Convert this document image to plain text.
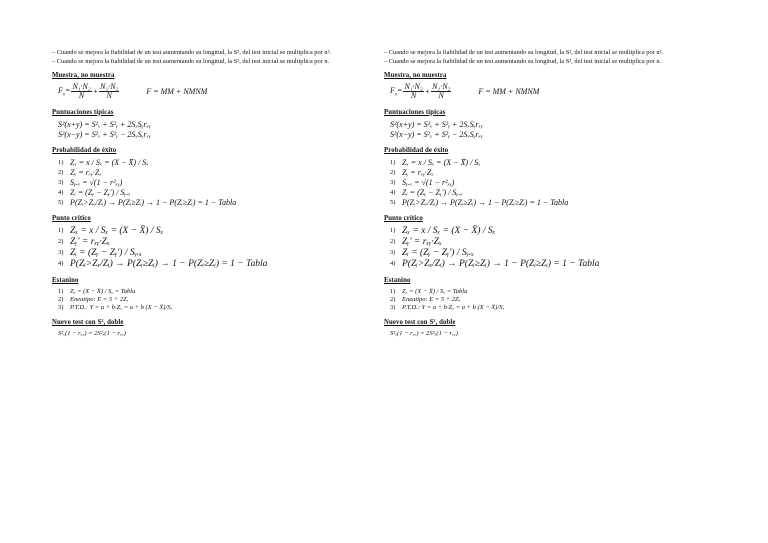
– Cuando se mejora la fiabilidad de un test aumentando su longitud, la S², del test inicial se multiplica por n².
– Cuando se mejora la fiabilidad de un test aumentando su longitud, la S², del test inicial se multiplica por n.
Muestra, no muestra
$F_x= \frac{\text{N₁·N₂}}{N} + \frac{\text{N₁·N₂}}{N}$	F = MM + NMNM
Puntuaciones típicas
S²(x+y) = S²ₓ + S²ᵧ + 2SₓSᵧrₓᵧ
S²(x−y) = S²ₓ + S²ᵧ − 2SₓSᵧrₓᵧ
Probabilidad de éxito
1) Zₓ = x / Sₓ = (X − X̄) / Sₓ
2) Zᵧ = rₓᵧ·Zₓ
3) Sᵧ.ₓ = √(1 − r²ₓᵧ)
4) Zᵢ = (Zᵧ − Zᵧ′) / Sᵧ.ₓ
5) P(Zᵢ>Zₓ/Zᵢ) → P(Zᵢ≥Zᵢ) → 1 − P(Zᵢ≥Zᵢ) = 1 − Tabla
Punto crítico
1) Zₓ = x / Sₓ = (X − X̄) / Sₓ
2) Zᵧ′ = rₓᵧ·Zₓ
3) Zᵢ = (Zᵧ − Zᵧ′) / Sᵧ.ₓ
4) P(Zᵢ>Zₓ/Zᵢ) → P(Zᵢ≥Zᵢ) → 1 − P(Zᵢ≥Zᵢ) = 1 − Tabla
Estanino
1)	Zₓ = (X − X̄) / Sₓ = Tabla
2)	Eneatipo: E = 5 + 2Zₓ
3)	P.T.D.: Y = a + b·Zₓ = a + b (X − X̄)/Sₓ
Nuevo test con S², doble
S²ₓ(1 − rₓₓ) = 2S²ₓ(1 − rₓₓ)
– Cuando se mejora la fiabilidad de un test aumentando su longitud, la S², del test inicial se multiplica por n².
– Cuando se mejora la fiabilidad de un test aumentando su longitud, la S², del test inicial se multiplica por n.
Muestra, no muestra
$F_x= \frac{\text{N₁·N₂}}{N} + \frac{\text{N₁·N₂}}{N}$	F = MM + NMNM
Puntuaciones típicas
S²(x+y) = S²ₓ + S²ᵧ + 2SₓSᵧrₓᵧ
S²(x−y) = S²ₓ + S²ᵧ − 2SₓSᵧrₓᵧ
Probabilidad de éxito
1) Zₓ = x / Sₓ = (X − X̄) / Sₓ
2) Zᵧ = rₓᵧ·Zₓ
3) Sᵧ.ₓ = √(1 − r²ₓᵧ)
4) Zᵢ = (Zᵧ − Zᵧ′) / Sᵧ.ₓ
5) P(Zᵢ>Zₓ/Zᵢ) → P(Zᵢ≥Zᵢ) → 1 − P(Zᵢ≥Zᵢ) = 1 − Tabla
Punto crítico
1) Zₓ = x / Sₓ = (X − X̄) / Sₓ
2) Zᵧ′ = rₓᵧ·Zₓ
3) Zᵢ = (Zᵧ − Zᵧ′) / Sᵧ.ₓ
4) P(Zᵢ>Zₓ/Zᵢ) → P(Zᵢ≥Zᵢ) → 1 − P(Zᵢ≥Zᵢ) = 1 − Tabla
Estanino
1)	Zₓ = (X − X̄) / Sₓ = Tabla
2)	Eneatipo: E = 5 + 2Zₓ
3)	P.T.D.: Y = a + b·Zₓ = a + b (X − X̄)/Sₓ
Nuevo test con S², doble
S²ₓ(1 − rₓₓ) = 2S²ₓ(1 − rₓₓ)
